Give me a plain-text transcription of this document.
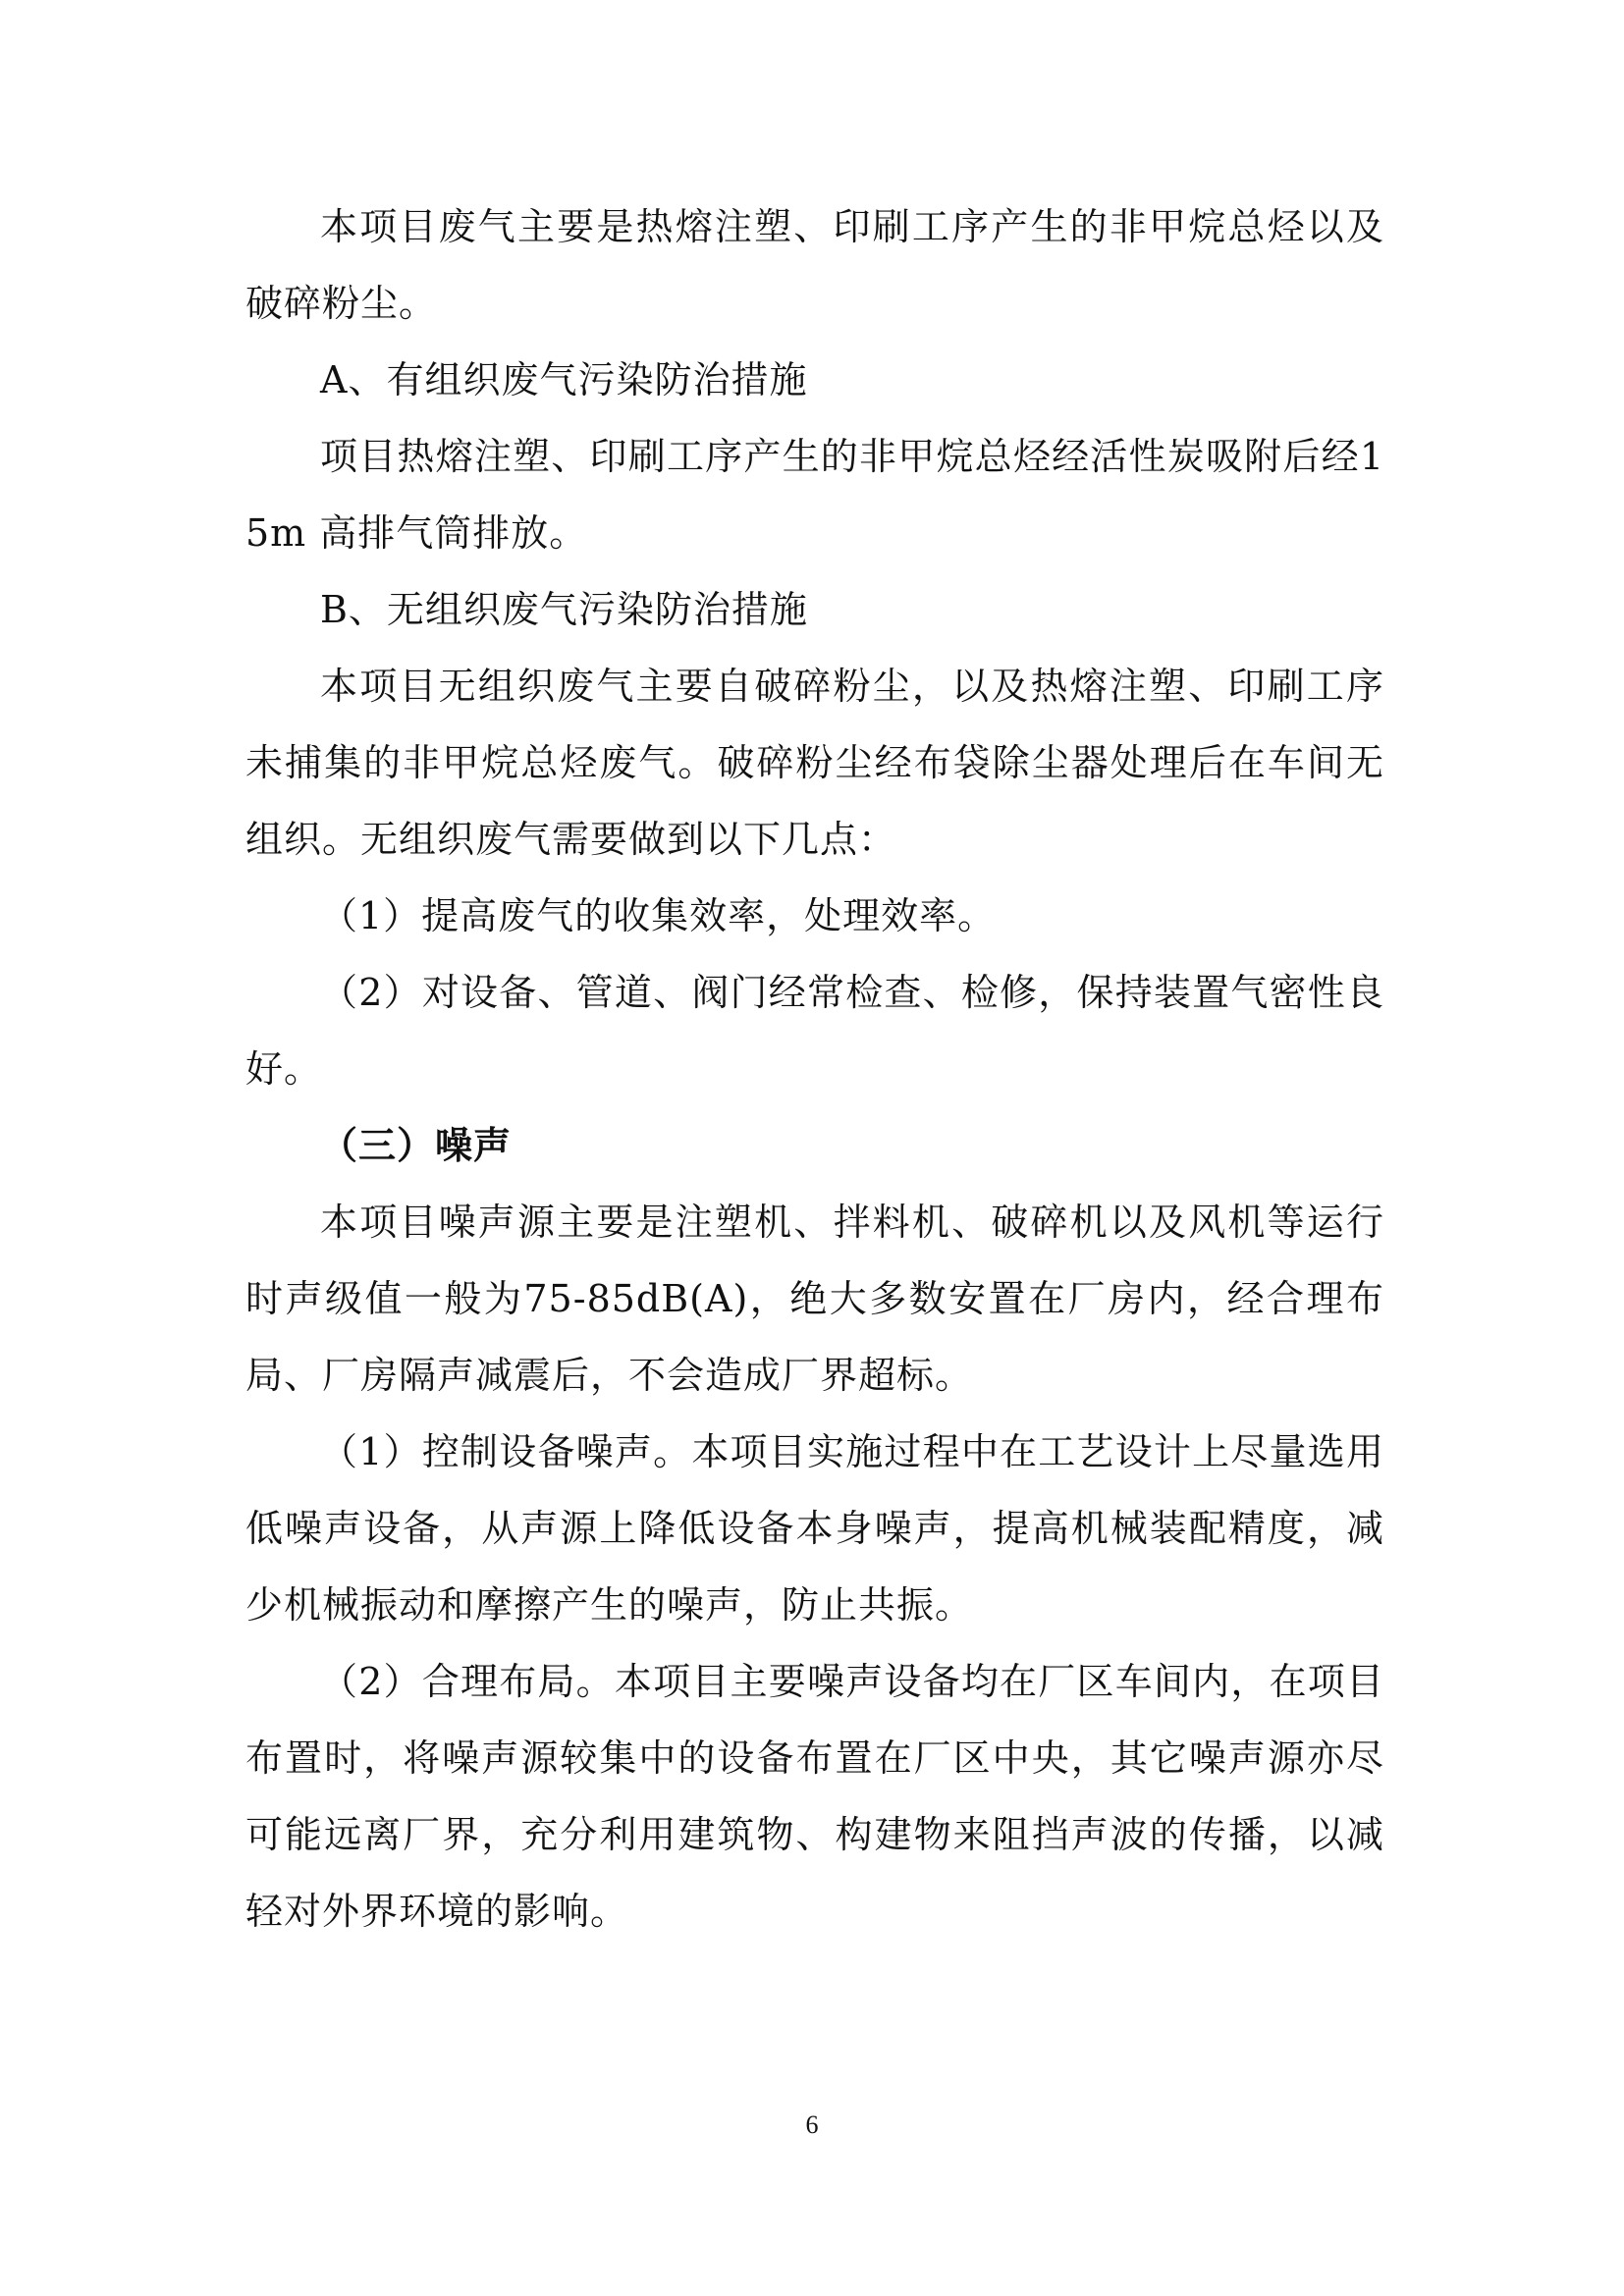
本项目废气主要是热熔注塑、印刷工序产生的非甲烷总烃以及破碎粉尘。

A、有组织废气污染防治措施

项目热熔注塑、印刷工序产生的非甲烷总烃经活性炭吸附后经15m 高排气筒排放。

B、无组织废气污染防治措施

本项目无组织废气主要自破碎粉尘，以及热熔注塑、印刷工序未捕集的非甲烷总烃废气。破碎粉尘经布袋除尘器处理后在车间无组织。无组织废气需要做到以下几点：

（1）提高废气的收集效率，处理效率。

（2）对设备、管道、阀门经常检查、检修，保持装置气密性良好。

（三）噪声

本项目噪声源主要是注塑机、拌料机、破碎机以及风机等运行时声级值一般为75-85dB(A)，绝大多数安置在厂房内，经合理布局、厂房隔声减震后，不会造成厂界超标。

（1）控制设备噪声。本项目实施过程中在工艺设计上尽量选用低噪声设备，从声源上降低设备本身噪声，提高机械装配精度，减少机械振动和摩擦产生的噪声，防止共振。

（2）合理布局。本项目主要噪声设备均在厂区车间内，在项目布置时，将噪声源较集中的设备布置在厂区中央，其它噪声源亦尽可能远离厂界，充分利用建筑物、构建物来阻挡声波的传播，以减轻对外界环境的影响。

6
